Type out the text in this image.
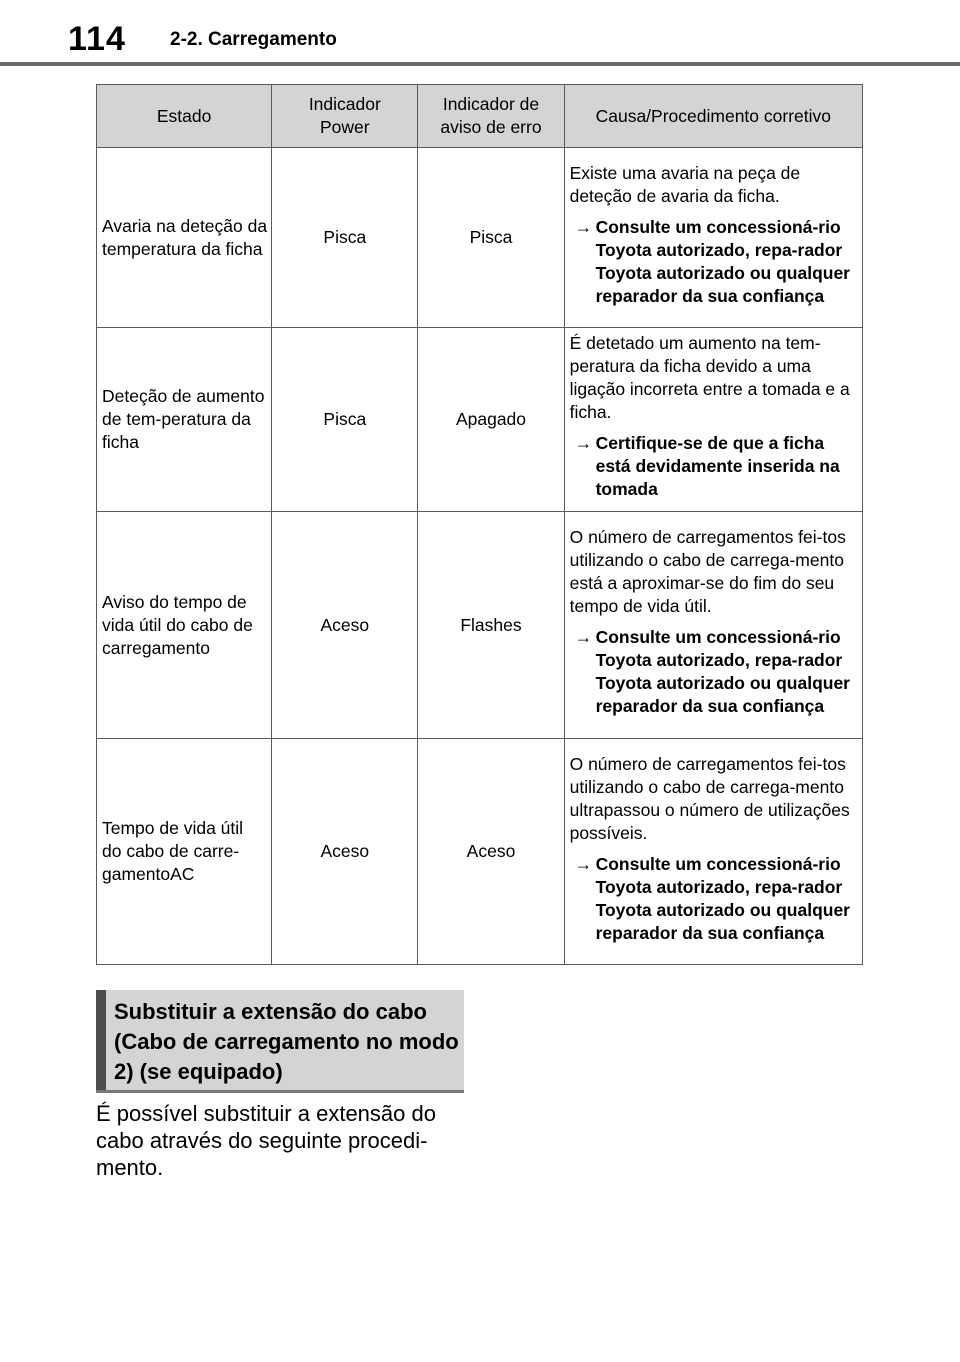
114 2-2. Carregamento
Estado	Indicador Power	Indicador de aviso de erro	Causa/Procedimento corretivo
Avaria na deteção da temperatura da ficha	Pisca	Pisca	Existe uma avaria na peça de deteção de avaria da ficha.

→ Consulte um concessioná-rio Toyota autorizado, repa-rador Toyota autorizado ou qualquer reparador da sua confiança

Deteção de aumento de tem-peratura da ficha	Pisca	Apagado	É detetado um aumento na tem-peratura da ficha devido a uma ligação incorreta entre a tomada e a ficha.

→ Certifique-se de que a ficha está devidamente inserida na tomada

Aviso do tempo de vida útil do cabo de carregamento	Aceso	Flashes	O número de carregamentos fei-tos utilizando o cabo de carrega-mento está a aproximar-se do fim do seu tempo de vida útil.

→ Consulte um concessioná-rio Toyota autorizado, repa-rador Toyota autorizado ou qualquer reparador da sua confiança

Tempo de vida útil do cabo de carre-gamentoAC	Aceso	Aceso	O número de carregamentos fei-tos utilizando o cabo de carrega-mento ultrapassou o número de utilizações possíveis.

→ Consulte um concessioná-rio Toyota autorizado, repa-rador Toyota autorizado ou qualquer reparador da sua confiança
Substituir a extensão do cabo (Cabo de carregamento no modo 2) (se equipado)
É possível substituir a extensão do cabo através do seguinte procedi-mento.
